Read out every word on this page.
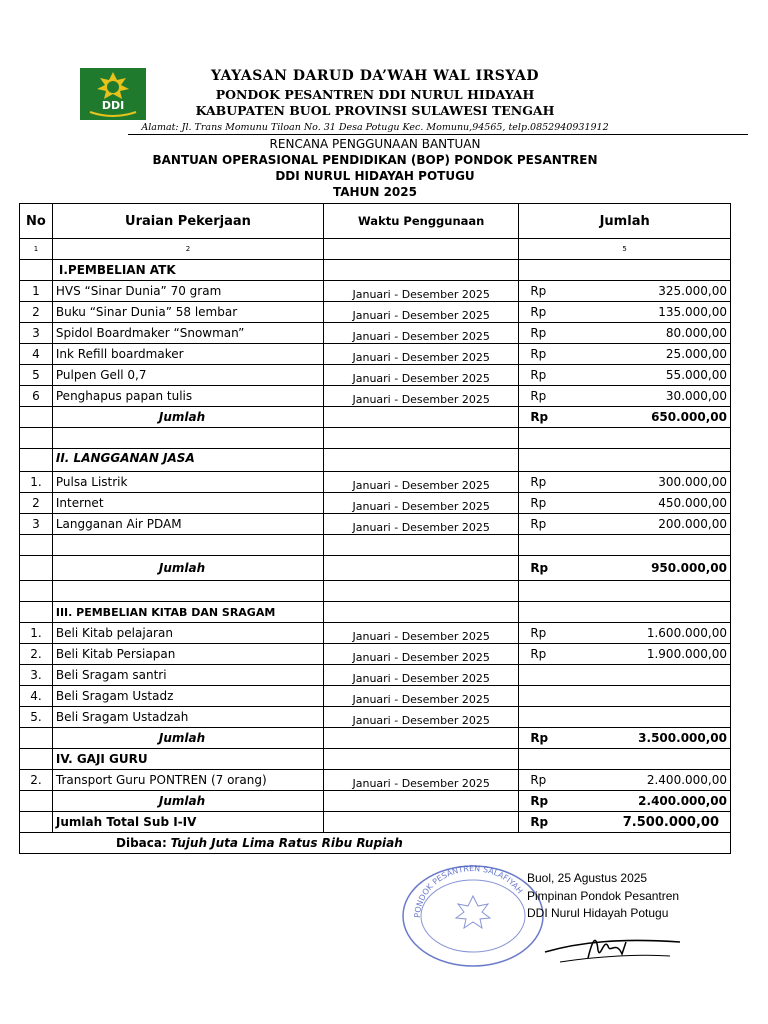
DDI
YAYASAN DARUD DA’WAH WAL IRSYAD
PONDOK PESANTREN DDI NURUL HIDAYAH
KABUPATEN BUOL PROVINSI SULAWESI TENGAH
Alamat: Jl. Trans Momunu Tiloan No. 31 Desa Potugu Kec. Momunu,94565, telp.0852940931912
RENCANA PENGGUNAAN BANTUAN
BANTUAN OPERASIONAL PENDIDIKAN (BOP) PONDOK PESANTREN
DDI NURUL HIDAYAH POTUGU
TAHUN 2025
No	Uraian Pekerjaan	Waktu Penggunaan	Jumlah
1	2		5
	I.PEMBELIAN ATK		
1	HVS “Sinar Dunia” 70 gram	Januari - Desember 2025	Rp 325.000,00

2	Buku “Sinar Dunia” 58 lembar	Januari - Desember 2025	Rp 135.000,00

3	Spidol Boardmaker “Snowman”	Januari - Desember 2025	Rp 80.000,00

4	Ink Refill boardmaker	Januari - Desember 2025	Rp 25.000,00

5	Pulpen Gell 0,7	Januari - Desember 2025	Rp 55.000,00

6	Penghapus papan tulis	Januari - Desember 2025	Rp 30.000,00

	Jumlah		Rp 650.000,00

	II. LANGGANAN JASA		
1.	Pulsa Listrik	Januari - Desember 2025	Rp 300.000,00

2	Internet	Januari - Desember 2025	Rp 450.000,00

3	Langganan Air PDAM	Januari - Desember 2025	Rp 200.000,00

	Jumlah		Rp 950.000,00

	III. PEMBELIAN KITAB DAN SRAGAM		
1.	Beli Kitab pelajaran	Januari - Desember 2025	Rp 1.600.000,00

2.	Beli Kitab Persiapan	Januari - Desember 2025	Rp 1.900.000,00

3.	Beli Sragam santri	Januari - Desember 2025	
4.	Beli Sragam Ustadz	Januari - Desember 2025	
5.	Beli Sragam Ustadzah	Januari - Desember 2025	
	Jumlah		Rp 3.500.000,00

	IV. GAJI GURU		
2.	Transport Guru PONTREN (7 orang)	Januari - Desember 2025	Rp 2.400.000,00

	Jumlah		Rp 2.400.000,00

	Jumlah Total Sub I-IV		Rp 7.500.000,00

Dibaca: Tujuh Juta Lima Ratus Ribu Rupiah			
PONDOK PESANTREN SALAFIYAH
Buol, 25 Agustus 2025
Pimpinan Pondok Pesantren
DDI Nurul Hidayah Potugu
